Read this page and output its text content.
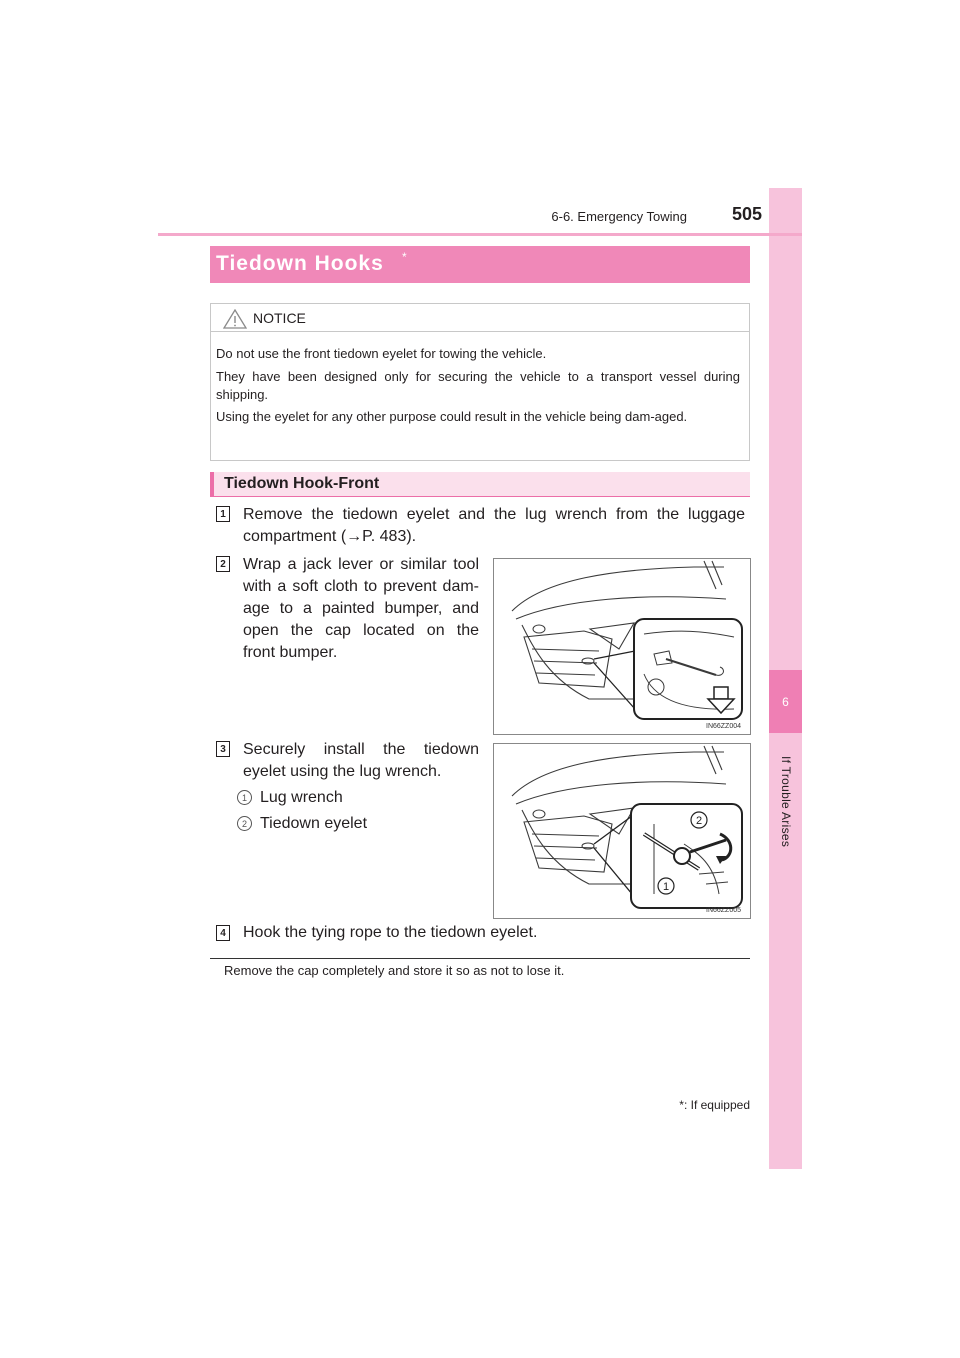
6
If Trouble Arises
6-6. Emergency Towing	505
Tiedown Hooks *
NOTICE
Do not use the front tiedown eyelet for towing the vehicle.
They have been designed only for securing the vehicle to a transport vessel during shipping.
Using the eyelet for any other purpose could result in the vehicle being dam-aged.
Tiedown Hook-Front
1 Remove the tiedown eyelet and the lug wrench from the luggage
compartment (→P. 483).
2 Wrap a jack lever or similar tool
with a soft cloth to prevent dam-
age to a painted bumper, and
open the cap located on the
front bumper.
IN66ZZ004
3 Securely install the tiedown
eyelet using the lug wrench.
1 Lug wrench
2 Tiedown eyelet	2
1
IN66ZZ005
4 Hook the tying rope to the tiedown eyelet.
Remove the cap completely and store it so as not to lose it.
*: If equipped
